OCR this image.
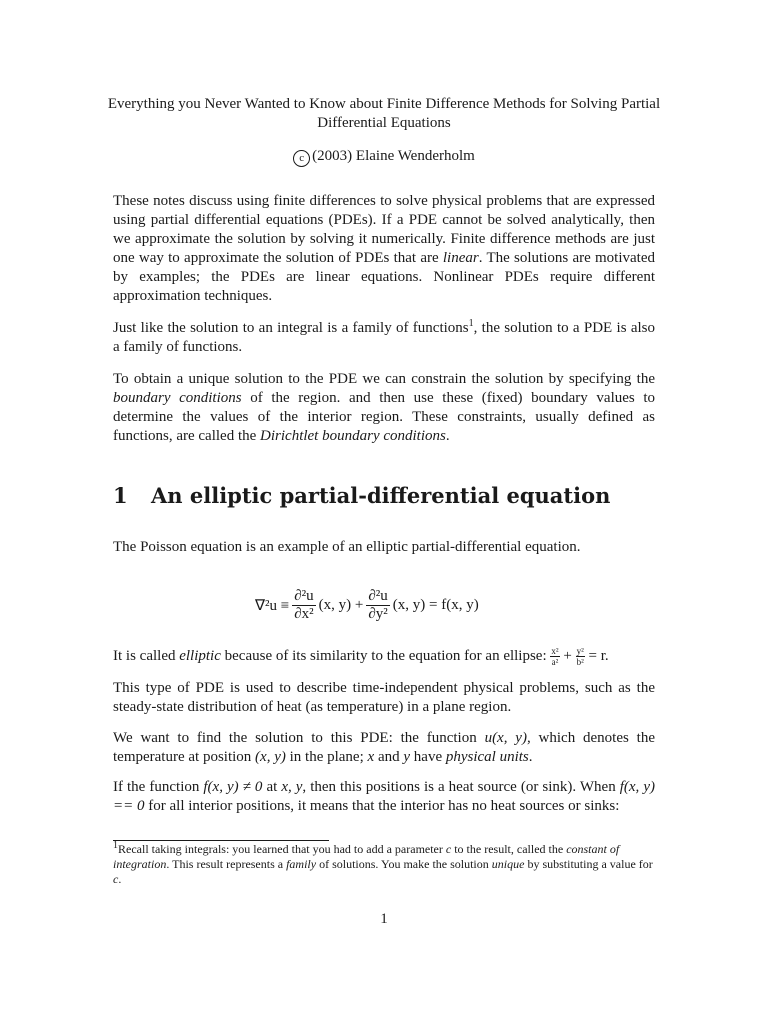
Everything you Never Wanted to Know about Finite Difference Methods for Solving Partial Differential Equations
c (2003) Elaine Wenderholm

These notes discuss using finite differences to solve physical problems that are expressed using partial differential equations (PDEs). If a PDE cannot be solved analytically, then we approximate the solution by solving it numerically. Finite difference methods are just one way to approximate the solution of PDEs that are linear. The solutions are motivated by examples; the PDEs are linear equations. Nonlinear PDEs require different approximation techniques.

Just like the solution to an integral is a family of functions$^1$, the solution to a PDE is also a family of functions.

To obtain a unique solution to the PDE we can constrain the solution by specifying the boundary conditions of the region. and then use these (fixed) boundary values to determine the values of the interior region. These constraints, usually defined as functions, are called the Dirichtlet boundary conditions.

1 An elliptic partial-differential equation

The Poisson equation is an example of an elliptic partial-differential equation.

$\nabla^2u \equiv \frac{\text{∂²u}}{\text{∂x²}} (x$, $y) + \frac{\text{∂²u}}{\text{∂y²}} (x$, y) = f(x, y)

It is called elliptic because of its similarity to the equation for an ellipse: $\frac{\text{x²}}{\text{a²}} + \frac{\text{y²}}{\text{b²}} = r$.

This type of PDE is used to describe time-independent physical problems, such as the steady-state distribution of heat (as temperature) in a plane region.

We want to find the solution to this PDE: the function u(x, y), which denotes the temperature at position (x, y) in the plane; x and y have physical units.

If the function f(x, y) ≠ 0 at x, y, then this positions is a heat source (or sink). When f(x, y) == 0 for all interior positions, it means that the interior has no heat sources or sinks:

$^1$Recall taking integrals: you learned that you had to add a parameter c to the result, called the constant of integration. This result represents a family of solutions. You make the solution unique by substituting a value for c.

1
